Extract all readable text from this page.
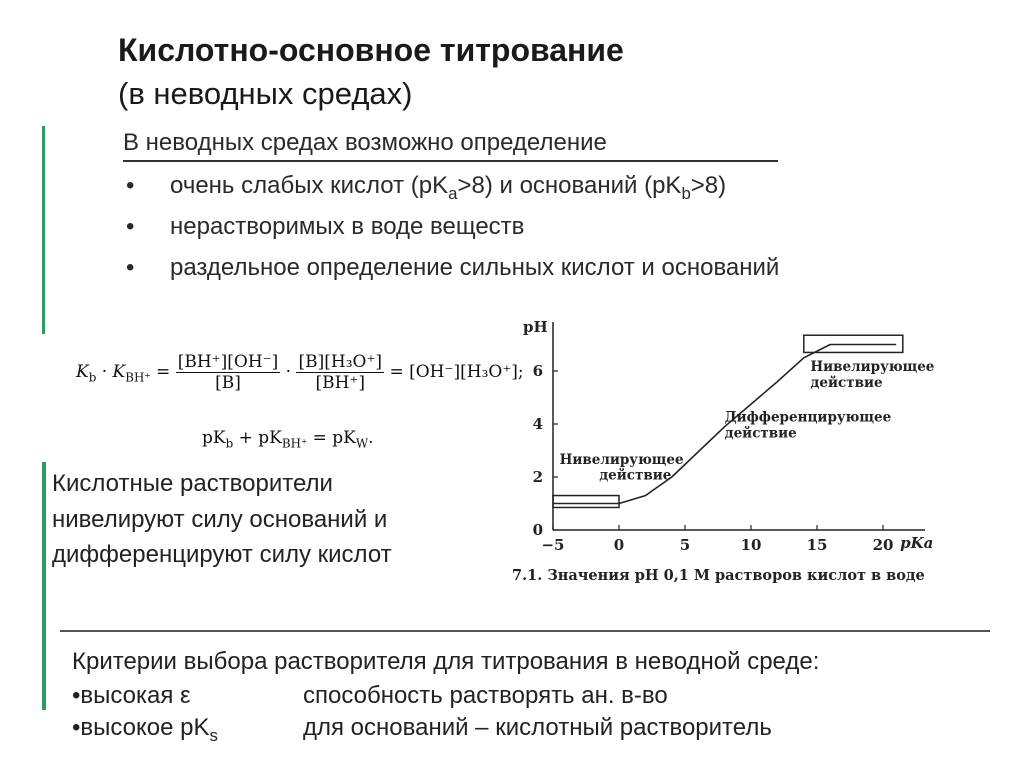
Кислотно-основное титрование
(в неводных средах)
В неводных средах возможно определение
• очень слабых кислот $(pK_a>8)$ и оснований $(pK_b>8)$
• нерастворимых в воде веществ
• раздельное определение сильных кислот и оснований
$K_b \cdot K_{BH^+} = \frac{[BH^+][OH^-]}{[B]} \cdot \frac{\text{[B][H₃O⁺]}}{[BH^+]} = [OH^-][H_3O^+]$;
$pK_b + pK_{BH^+} = pK_W$.
Кислотные растворители
нивелируют силу оснований и
дифференцируют силу кислот
pH
pKa
−5	0	5	10	15	20
0
2
4
6
Нивелирующее
действие
Нивелирующее
действие
Дифференцирующее
действие
7.1. Значения pH 0,1 М растворов кислот в воде
Критерии выбора растворителя для титрования в неводной среде:
•высокая ε	способность растворять ан. в-во
•высокое $pK_s$	для оснований – кислотный растворитель
